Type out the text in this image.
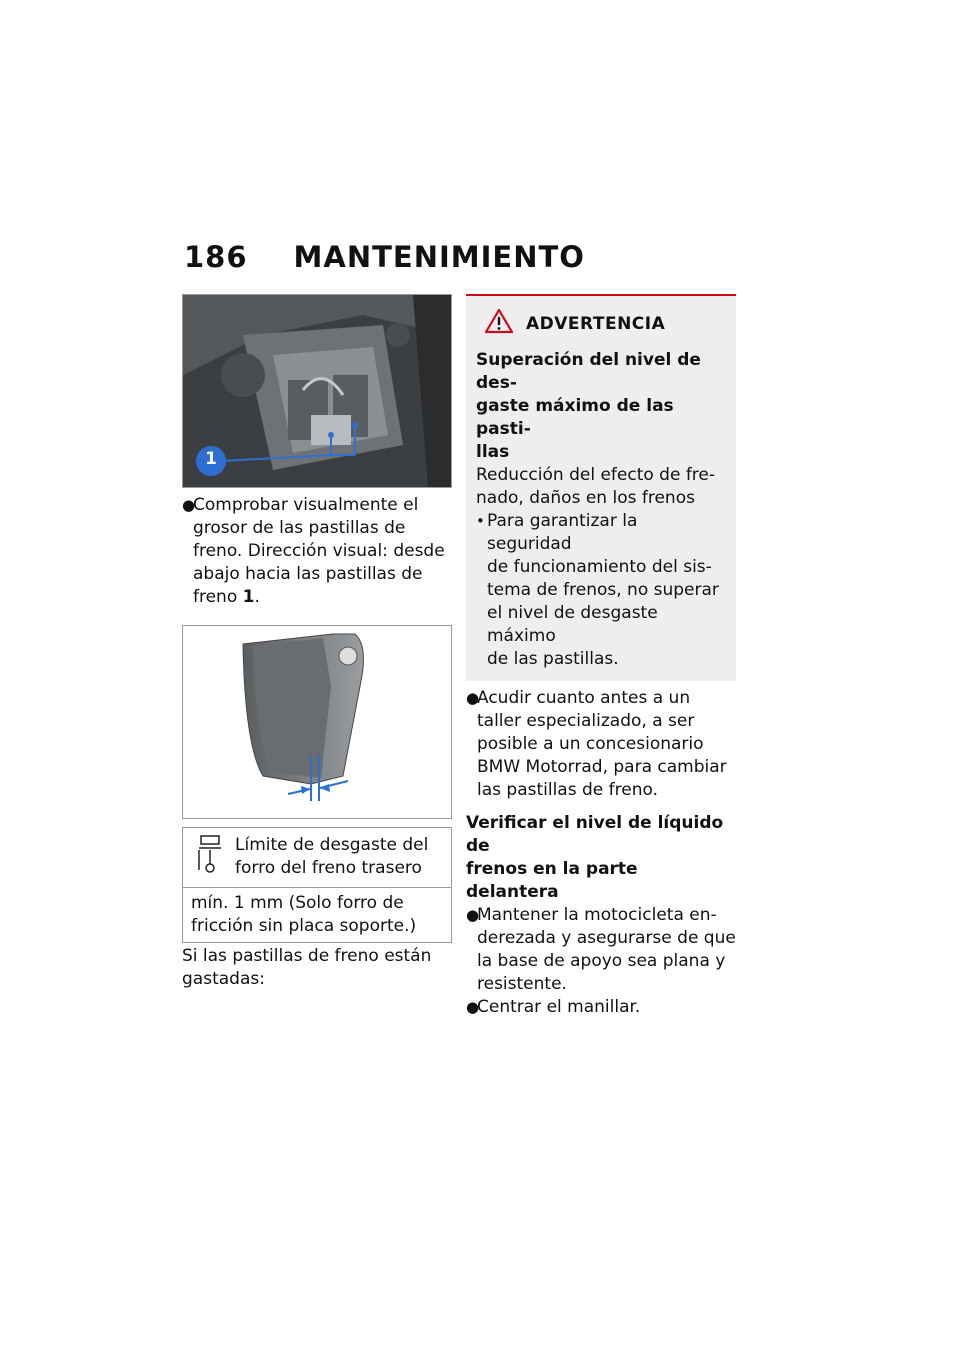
186 MANTENIMIENTO
1
●
Comprobar visualmente el
grosor de las pastillas de
freno. Dirección visual: desde
abajo hacia las pastillas de
freno 1.
Límite de desgaste del
forro del freno trasero
mín. 1 mm (Solo forro de
fricción sin placa soporte.)
Si las pastillas de freno están
gastadas:
ADVERTENCIA
Superación del nivel de des-
gaste máximo de las pasti-
llas
Reducción del efecto de fre-
nado, daños en los frenos
• Para garantizar la seguridad
de funcionamiento del sis-
tema de frenos, no superar
el nivel de desgaste máximo
de las pastillas.
●
Acudir cuanto antes a un
taller especializado, a ser
posible a un concesionario
BMW Motorrad, para cambiar
las pastillas de freno.
Verificar el nivel de líquido de
frenos en la parte delantera
●
Mantener la motocicleta en-
derezada y asegurarse de que
la base de apoyo sea plana y
resistente.
●
Centrar el manillar.
